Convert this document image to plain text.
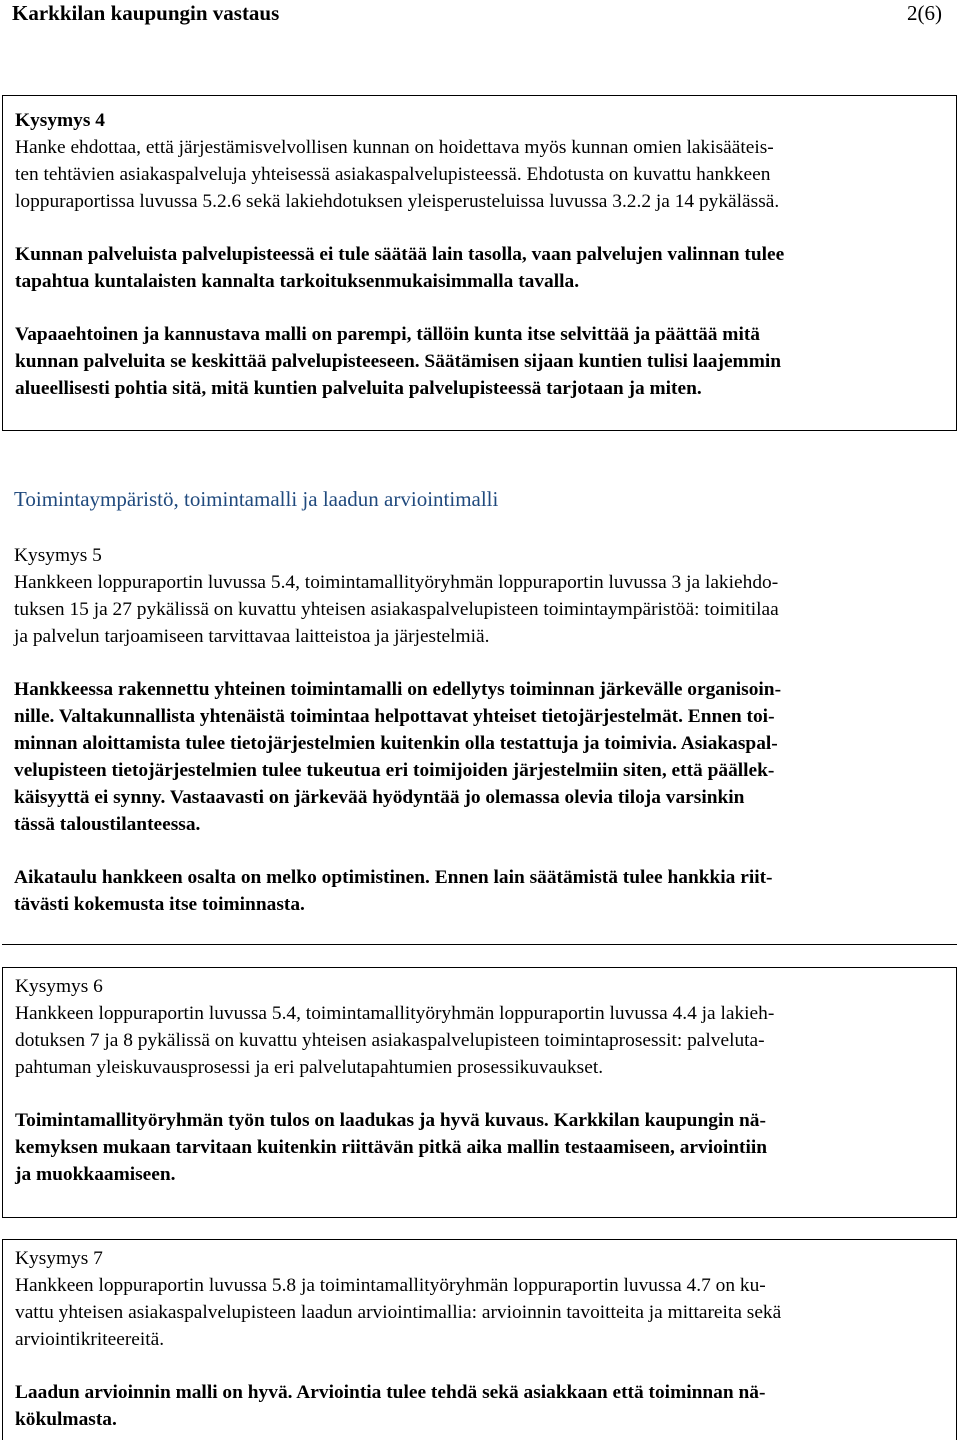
Karkkilan kaupungin vastaus	2(6)

Kysymys 4

Hanke ehdottaa, että järjestämisvelvollisen kunnan on hoidettava myös kunnan omien lakisääteis-

ten tehtävien asiakaspalveluja yhteisessä asiakaspalvelupisteessä. Ehdotusta on kuvattu hankkeen

loppuraportissa luvussa 5.2.6 sekä lakiehdotuksen yleisperusteluissa luvussa 3.2.2 ja 14 pykälässä.

Kunnan palveluista palvelupisteessä ei tule säätää lain tasolla, vaan palvelujen valinnan tulee

tapahtua kuntalaisten kannalta tarkoituksenmukaisimmalla tavalla.

Vapaaehtoinen ja kannustava malli on parempi, tällöin kunta itse selvittää ja päättää mitä

kunnan palveluita se keskittää palvelupisteeseen. Säätämisen sijaan kuntien tulisi laajemmin

alueellisesti pohtia sitä, mitä kuntien palveluita palvelupisteessä tarjotaan ja miten.

Toimintaympäristö, toimintamalli ja laadun arviointimalli

Kysymys 5

Hankkeen loppuraportin luvussa 5.4, toimintamallityöryhmän loppuraportin luvussa 3 ja lakiehdo-

tuksen 15 ja 27 pykälissä on kuvattu yhteisen asiakaspalvelupisteen toimintaympäristöä: toimitilaa

ja palvelun tarjoamiseen tarvittavaa laitteistoa ja järjestelmiä.

Hankkeessa rakennettu yhteinen toimintamalli on edellytys toiminnan järkevälle organisoin-

nille. Valtakunnallista yhtenäistä toimintaa helpottavat yhteiset tietojärjestelmät. Ennen toi-

minnan aloittamista tulee tietojärjestelmien kuitenkin olla testattuja ja toimivia. Asiakaspal-

velupisteen tietojärjestelmien tulee tukeutua eri toimijoiden järjestelmiin siten, että päällek-

käisyyttä ei synny. Vastaavasti on järkevää hyödyntää jo olemassa olevia tiloja varsinkin

tässä taloustilanteessa.

Aikataulu hankkeen osalta on melko optimistinen. Ennen lain säätämistä tulee hankkia riit-

tävästi kokemusta itse toiminnasta.

Kysymys 6

Hankkeen loppuraportin luvussa 5.4, toimintamallityöryhmän loppuraportin luvussa 4.4 ja lakieh-

dotuksen 7 ja 8 pykälissä on kuvattu yhteisen asiakaspalvelupisteen toimintaprosessit: palveluta-

pahtuman yleiskuvausprosessi ja eri palvelutapahtumien prosessikuvaukset.

Toimintamallityöryhmän työn tulos on laadukas ja hyvä kuvaus. Karkkilan kaupungin nä-

kemyksen mukaan tarvitaan kuitenkin riittävän pitkä aika mallin testaamiseen, arviointiin

ja muokkaamiseen.

Kysymys 7

Hankkeen loppuraportin luvussa 5.8 ja toimintamallityöryhmän loppuraportin luvussa 4.7 on ku-

vattu yhteisen asiakaspalvelupisteen laadun arviointimallia: arvioinnin tavoitteita ja mittareita sekä

arviointikriteereitä.

Laadun arvioinnin malli on hyvä. Arviointia tulee tehdä sekä asiakkaan että toiminnan nä-

kökulmasta.
